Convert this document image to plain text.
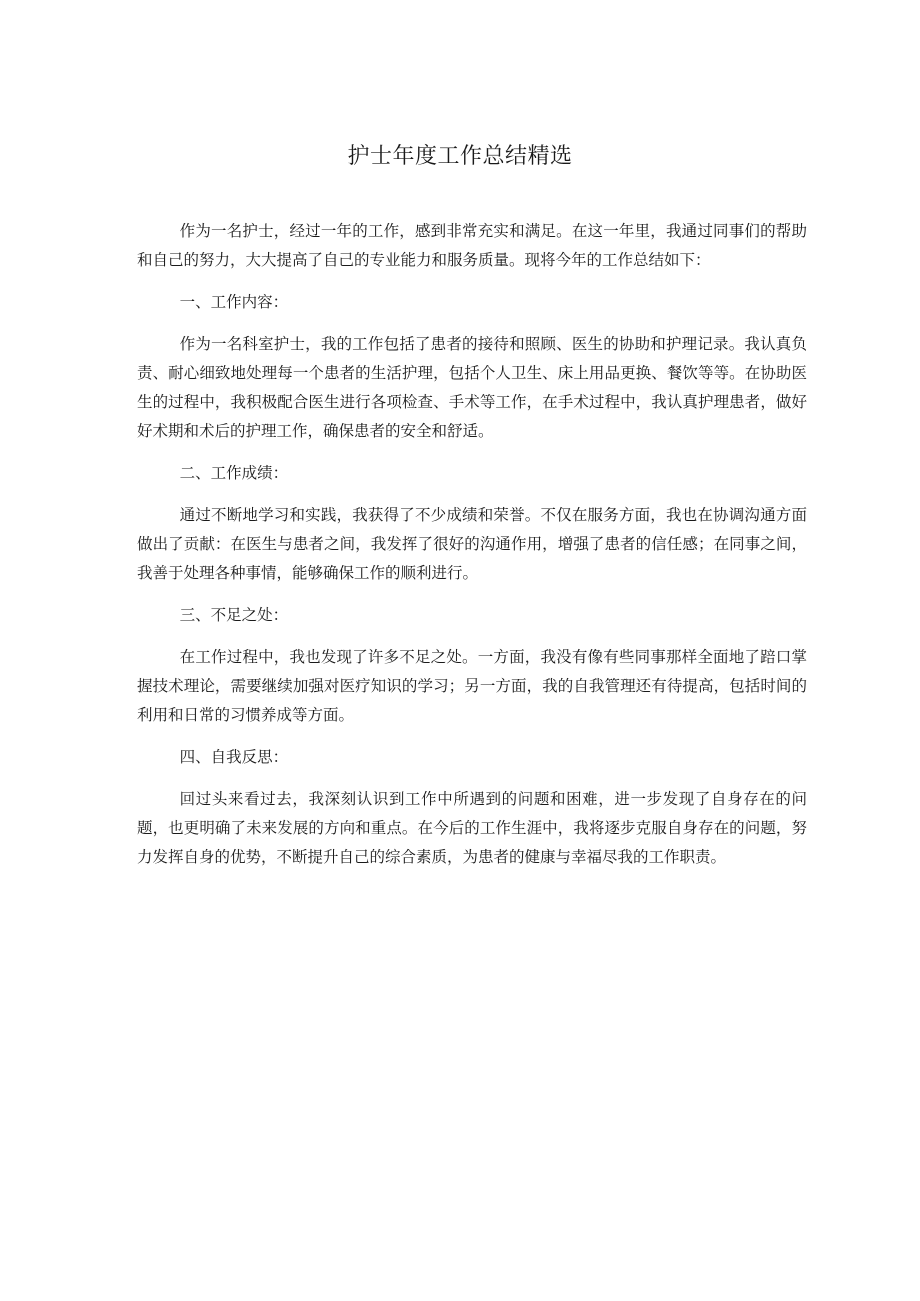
护士年度工作总结精选

作为一名护士，经过一年的工作，感到非常充实和满足。在这一年里，我通过同事们的帮助和自己的努力，大大提高了自己的专业能力和服务质量。现将今年的工作总结如下：

一、工作内容：

作为一名科室护士，我的工作包括了患者的接待和照顾、医生的协助和护理记录。我认真负责、耐心细致地处理每一个患者的生活护理，包括个人卫生、床上用品更换、餐饮等等。在协助医生的过程中，我积极配合医生进行各项检查、手术等工作，在手术过程中，我认真护理患者，做好好术期和术后的护理工作，确保患者的安全和舒适。

二、工作成绩：

通过不断地学习和实践，我获得了不少成绩和荣誉。不仅在服务方面，我也在协调沟通方面做出了贡献：在医生与患者之间，我发挥了很好的沟通作用，增强了患者的信任感；在同事之间，我善于处理各种事情，能够确保工作的顺利进行。

三、不足之处：

在工作过程中，我也发现了许多不足之处。一方面，我没有像有些同事那样全面地了踣口掌握技术理论，需要继续加强对医疗知识的学习；另一方面，我的自我管理还有待提高，包括时间的利用和日常的习惯养成等方面。

四、自我反思：

回过头来看过去，我深刻认识到工作中所遇到的问题和困难，进一步发现了自身存在的问题，也更明确了未来发展的方向和重点。在今后的工作生涯中，我将逐步克服自身存在的问题，努力发挥自身的优势，不断提升自己的综合素质，为患者的健康与幸福尽我的工作职责。
